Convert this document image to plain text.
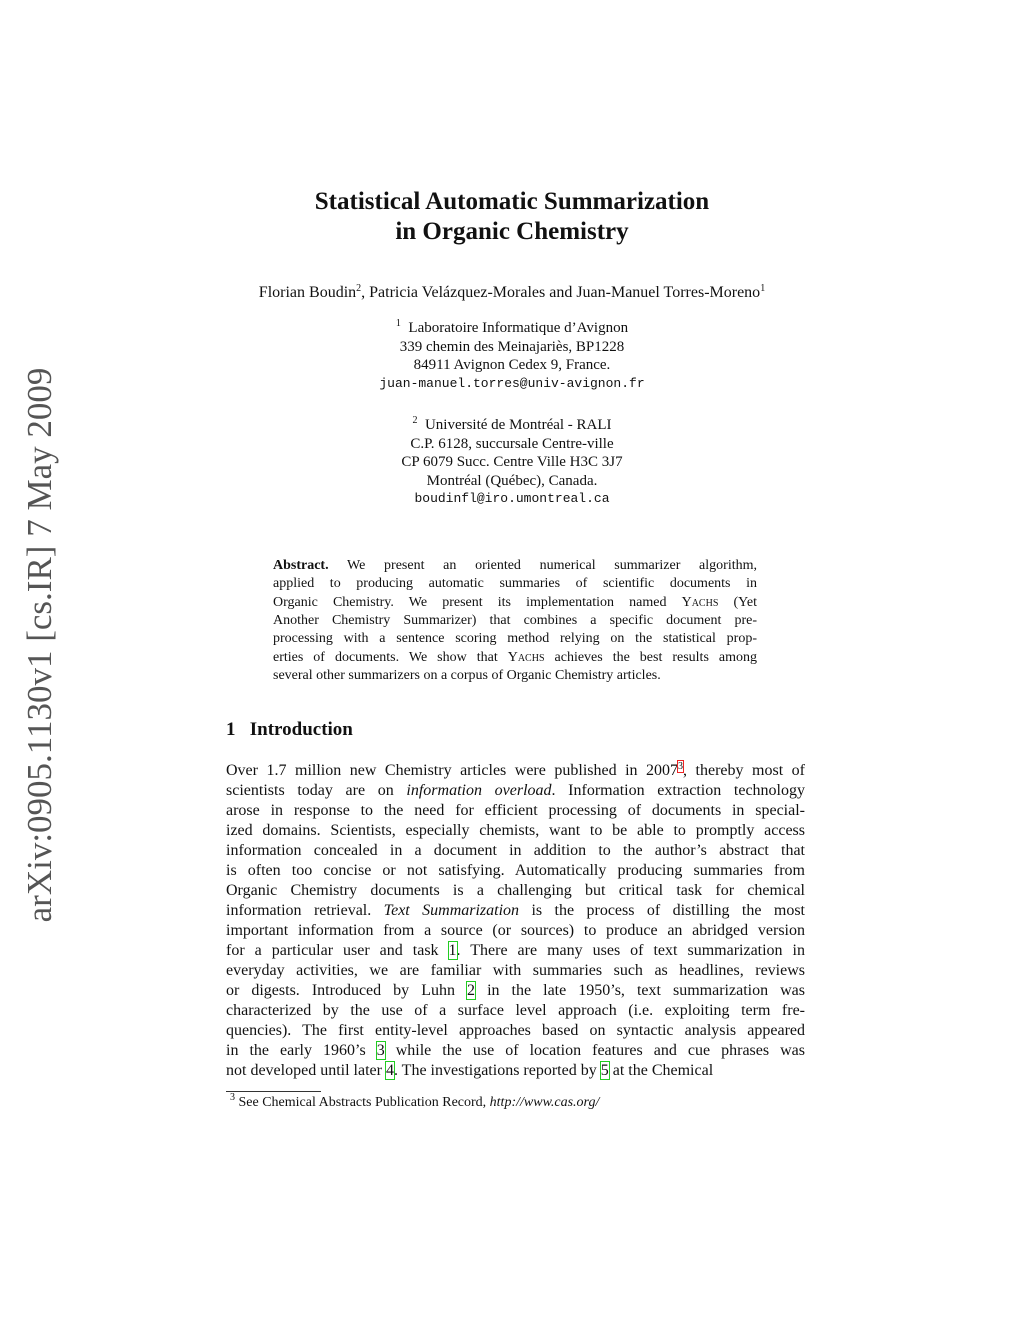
arXiv:0905.1130v1 [cs.IR] 7 May 2009
Statistical Automatic Summarization
in Organic Chemistry
Florian Boudin$^2$, Patricia Velázquez-Morales and Juan-Manuel Torres-Moreno$^1$
$^1$ Laboratoire Informatique d’Avignon
339 chemin des Meinajariès, BP1228
84911 Avignon Cedex 9, France.
juan-manuel.torres@univ-avignon.fr
$^2$ Université de Montréal - RALI
C.P. 6128, succursale Centre-ville
CP 6079 Succ. Centre Ville H3C 3J7
Montréal (Québec), Canada.
boudinfl@iro.umontreal.ca
Abstract. We present an oriented numerical summarizer algorithm,
applied to producing automatic summaries of scientific documents in
Organic Chemistry. We present its implementation named Yachs (Yet
Another Chemistry Summarizer) that combines a specific document pre-
processing with a sentence scoring method relying on the statistical prop-
erties of documents. We show that Yachs achieves the best results among
several other summarizers on a corpus of Organic Chemistry articles.
1 Introduction
Over 1.7 million new Chemistry articles were published in 2007$^3$, thereby most of
scientists today are on information overload. Information extraction technology
arose in response to the need for efficient processing of documents in special-
ized domains. Scientists, especially chemists, want to be able to promptly access
information concealed in a document in addition to the author’s abstract that
is often too concise or not satisfying. Automatically producing summaries from
Organic Chemistry documents is a challenging but critical task for chemical
information retrieval. Text Summarization is the process of distilling the most
important information from a source (or sources) to produce an abridged version
for a particular user and task 1. There are many uses of text summarization in
everyday activities, we are familiar with summaries such as headlines, reviews
or digests. Introduced by Luhn 2 in the late 1950’s, text summarization was
characterized by the use of a surface level approach (i.e. exploiting term fre-
quencies). The first entity-level approaches based on syntactic analysis appeared
in the early 1960’s 3 while the use of location features and cue phrases was
not developed until later 4. The investigations reported by 5 at the Chemical
$^3$ See Chemical Abstracts Publication Record, http://www.cas.org/
